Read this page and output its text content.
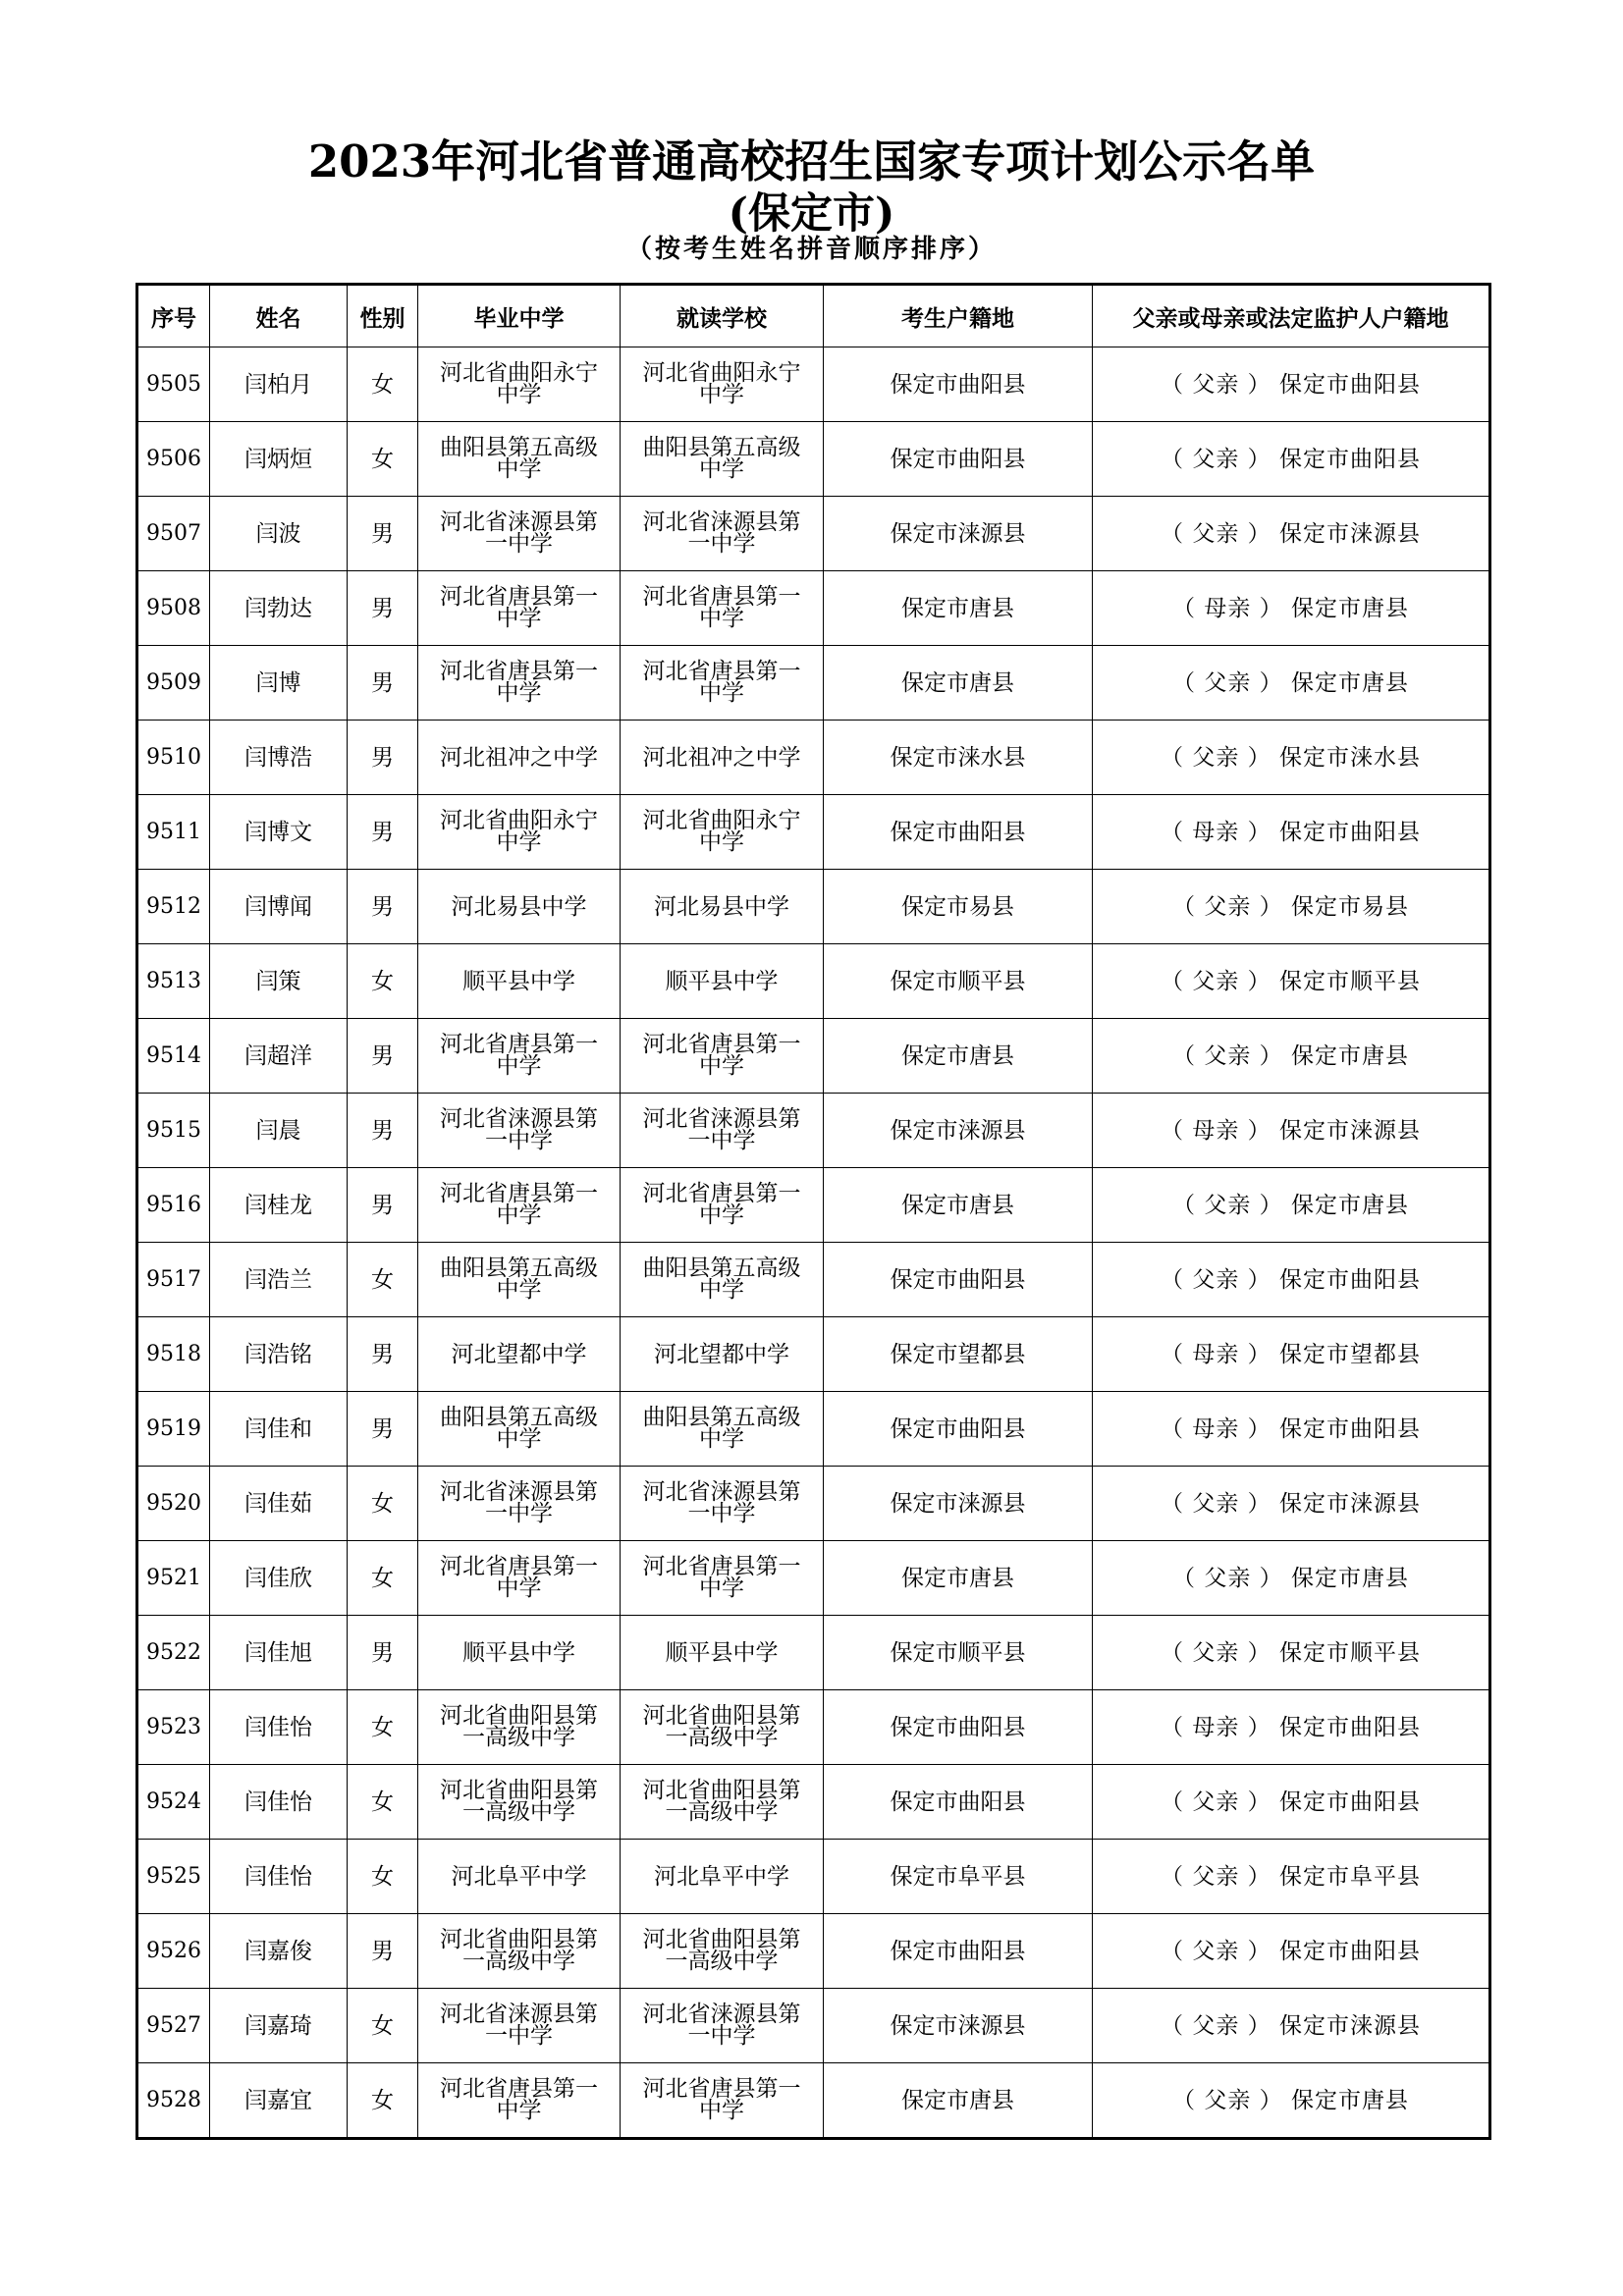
2023年河北省普通高校招生国家专项计划公示名单
(保定市)
（按考生姓名拼音顺序排序）
序号	姓名	性别	毕业中学	就读学校	考生户籍地	父亲或母亲或法定监护人户籍地
9505	闫柏月	女	河北省曲阳永宁中学	河北省曲阳永宁中学	保定市曲阳县	（ 父亲 ） 保定市曲阳县
9506	闫炳烜	女	曲阳县第五高级中学	曲阳县第五高级中学	保定市曲阳县	（ 父亲 ） 保定市曲阳县
9507	闫波	男	河北省涞源县第一中学	河北省涞源县第一中学	保定市涞源县	（ 父亲 ） 保定市涞源县
9508	闫勃达	男	河北省唐县第一中学	河北省唐县第一中学	保定市唐县	（ 母亲 ） 保定市唐县
9509	闫博	男	河北省唐县第一中学	河北省唐县第一中学	保定市唐县	（ 父亲 ） 保定市唐县
9510	闫博浩	男	河北祖冲之中学	河北祖冲之中学	保定市涞水县	（ 父亲 ） 保定市涞水县
9511	闫博文	男	河北省曲阳永宁中学	河北省曲阳永宁中学	保定市曲阳县	（ 母亲 ） 保定市曲阳县
9512	闫博闻	男	河北易县中学	河北易县中学	保定市易县	（ 父亲 ） 保定市易县
9513	闫策	女	顺平县中学	顺平县中学	保定市顺平县	（ 父亲 ） 保定市顺平县
9514	闫超洋	男	河北省唐县第一中学	河北省唐县第一中学	保定市唐县	（ 父亲 ） 保定市唐县
9515	闫晨	男	河北省涞源县第一中学	河北省涞源县第一中学	保定市涞源县	（ 母亲 ） 保定市涞源县
9516	闫桂龙	男	河北省唐县第一中学	河北省唐县第一中学	保定市唐县	（ 父亲 ） 保定市唐县
9517	闫浩兰	女	曲阳县第五高级中学	曲阳县第五高级中学	保定市曲阳县	（ 父亲 ） 保定市曲阳县
9518	闫浩铭	男	河北望都中学	河北望都中学	保定市望都县	（ 母亲 ） 保定市望都县
9519	闫佳和	男	曲阳县第五高级中学	曲阳县第五高级中学	保定市曲阳县	（ 母亲 ） 保定市曲阳县
9520	闫佳茹	女	河北省涞源县第一中学	河北省涞源县第一中学	保定市涞源县	（ 父亲 ） 保定市涞源县
9521	闫佳欣	女	河北省唐县第一中学	河北省唐县第一中学	保定市唐县	（ 父亲 ） 保定市唐县
9522	闫佳旭	男	顺平县中学	顺平县中学	保定市顺平县	（ 父亲 ） 保定市顺平县
9523	闫佳怡	女	河北省曲阳县第一高级中学	河北省曲阳县第一高级中学	保定市曲阳县	（ 母亲 ） 保定市曲阳县
9524	闫佳怡	女	河北省曲阳县第一高级中学	河北省曲阳县第一高级中学	保定市曲阳县	（ 父亲 ） 保定市曲阳县
9525	闫佳怡	女	河北阜平中学	河北阜平中学	保定市阜平县	（ 父亲 ） 保定市阜平县
9526	闫嘉俊	男	河北省曲阳县第一高级中学	河北省曲阳县第一高级中学	保定市曲阳县	（ 父亲 ） 保定市曲阳县
9527	闫嘉琦	女	河北省涞源县第一中学	河北省涞源县第一中学	保定市涞源县	（ 父亲 ） 保定市涞源县
9528	闫嘉宜	女	河北省唐县第一中学	河北省唐县第一中学	保定市唐县	（ 父亲 ） 保定市唐县
